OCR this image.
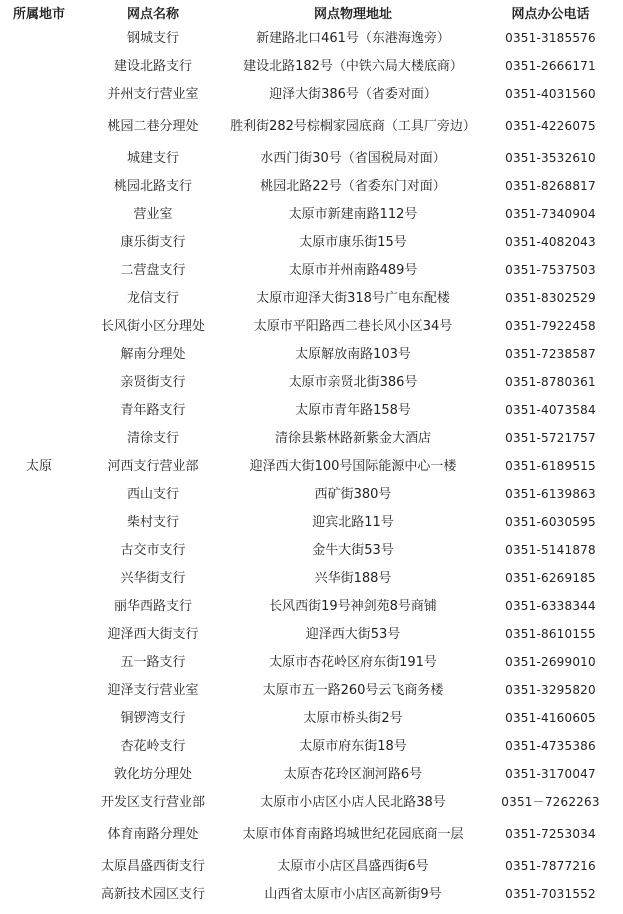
所属地市	网点名称	网点物理地址	网点办公电话
太原	钢城支行	新建路北口461号（东港海逸旁）	0351-3185576
	建设北路支行	建设北路182号（中铁六局大楼底商）	0351-2666171
	并州支行营业室	迎泽大街386号（省委对面）	0351-4031560
	桃园二巷分理处	胜利街282号棕榈家园底商（工具厂旁边）	0351-4226075
	城建支行	水西门街30号（省国税局对面）	0351-3532610
	桃园北路支行	桃园北路22号（省委东门对面）	0351-8268817
	营业室	太原市新建南路112号	0351-7340904
	康乐街支行	太原市康乐街15号	0351-4082043
	二营盘支行	太原市并州南路489号	0351-7537503
	龙信支行	太原市迎泽大街318号广电东配楼	0351-8302529
	长风街小区分理处	太原市平阳路西二巷长风小区34号	0351-7922458
	解南分理处	太原解放南路103号	0351-7238587
	亲贤街支行	太原市亲贤北街386号	0351-8780361
	青年路支行	太原市青年路158号	0351-4073584
	清徐支行	清徐县紫林路新紫金大酒店	0351-5721757
	河西支行营业部	迎泽西大街100号国际能源中心一楼	0351-6189515
	西山支行	西矿街380号	0351-6139863
	柴村支行	迎宾北路11号	0351-6030595
	古交市支行	金牛大街53号	0351-5141878
	兴华街支行	兴华街188号	0351-6269185
	丽华西路支行	长风西街19号神剑苑8号商铺	0351-6338344
	迎泽西大街支行	迎泽西大街53号	0351-8610155
	五一路支行	太原市杏花岭区府东街191号	0351-2699010
	迎泽支行营业室	太原市五一路260号云飞商务楼	0351-3295820
	铜锣湾支行	太原市桥头街2号	0351-4160605
	杏花岭支行	太原市府东街18号	0351-4735386
	敦化坊分理处	太原杏花玲区涧河路6号	0351-3170047
	开发区支行营业部	太原市小店区小店人民北路38号	0351－7262263
	体育南路分理处	太原市体育南路坞城世纪花园底商一层	0351-7253034
	太原昌盛西街支行	太原市小店区昌盛西街6号	0351-7877216
	高新技术园区支行	山西省太原市小店区高新街9号	0351-7031552
